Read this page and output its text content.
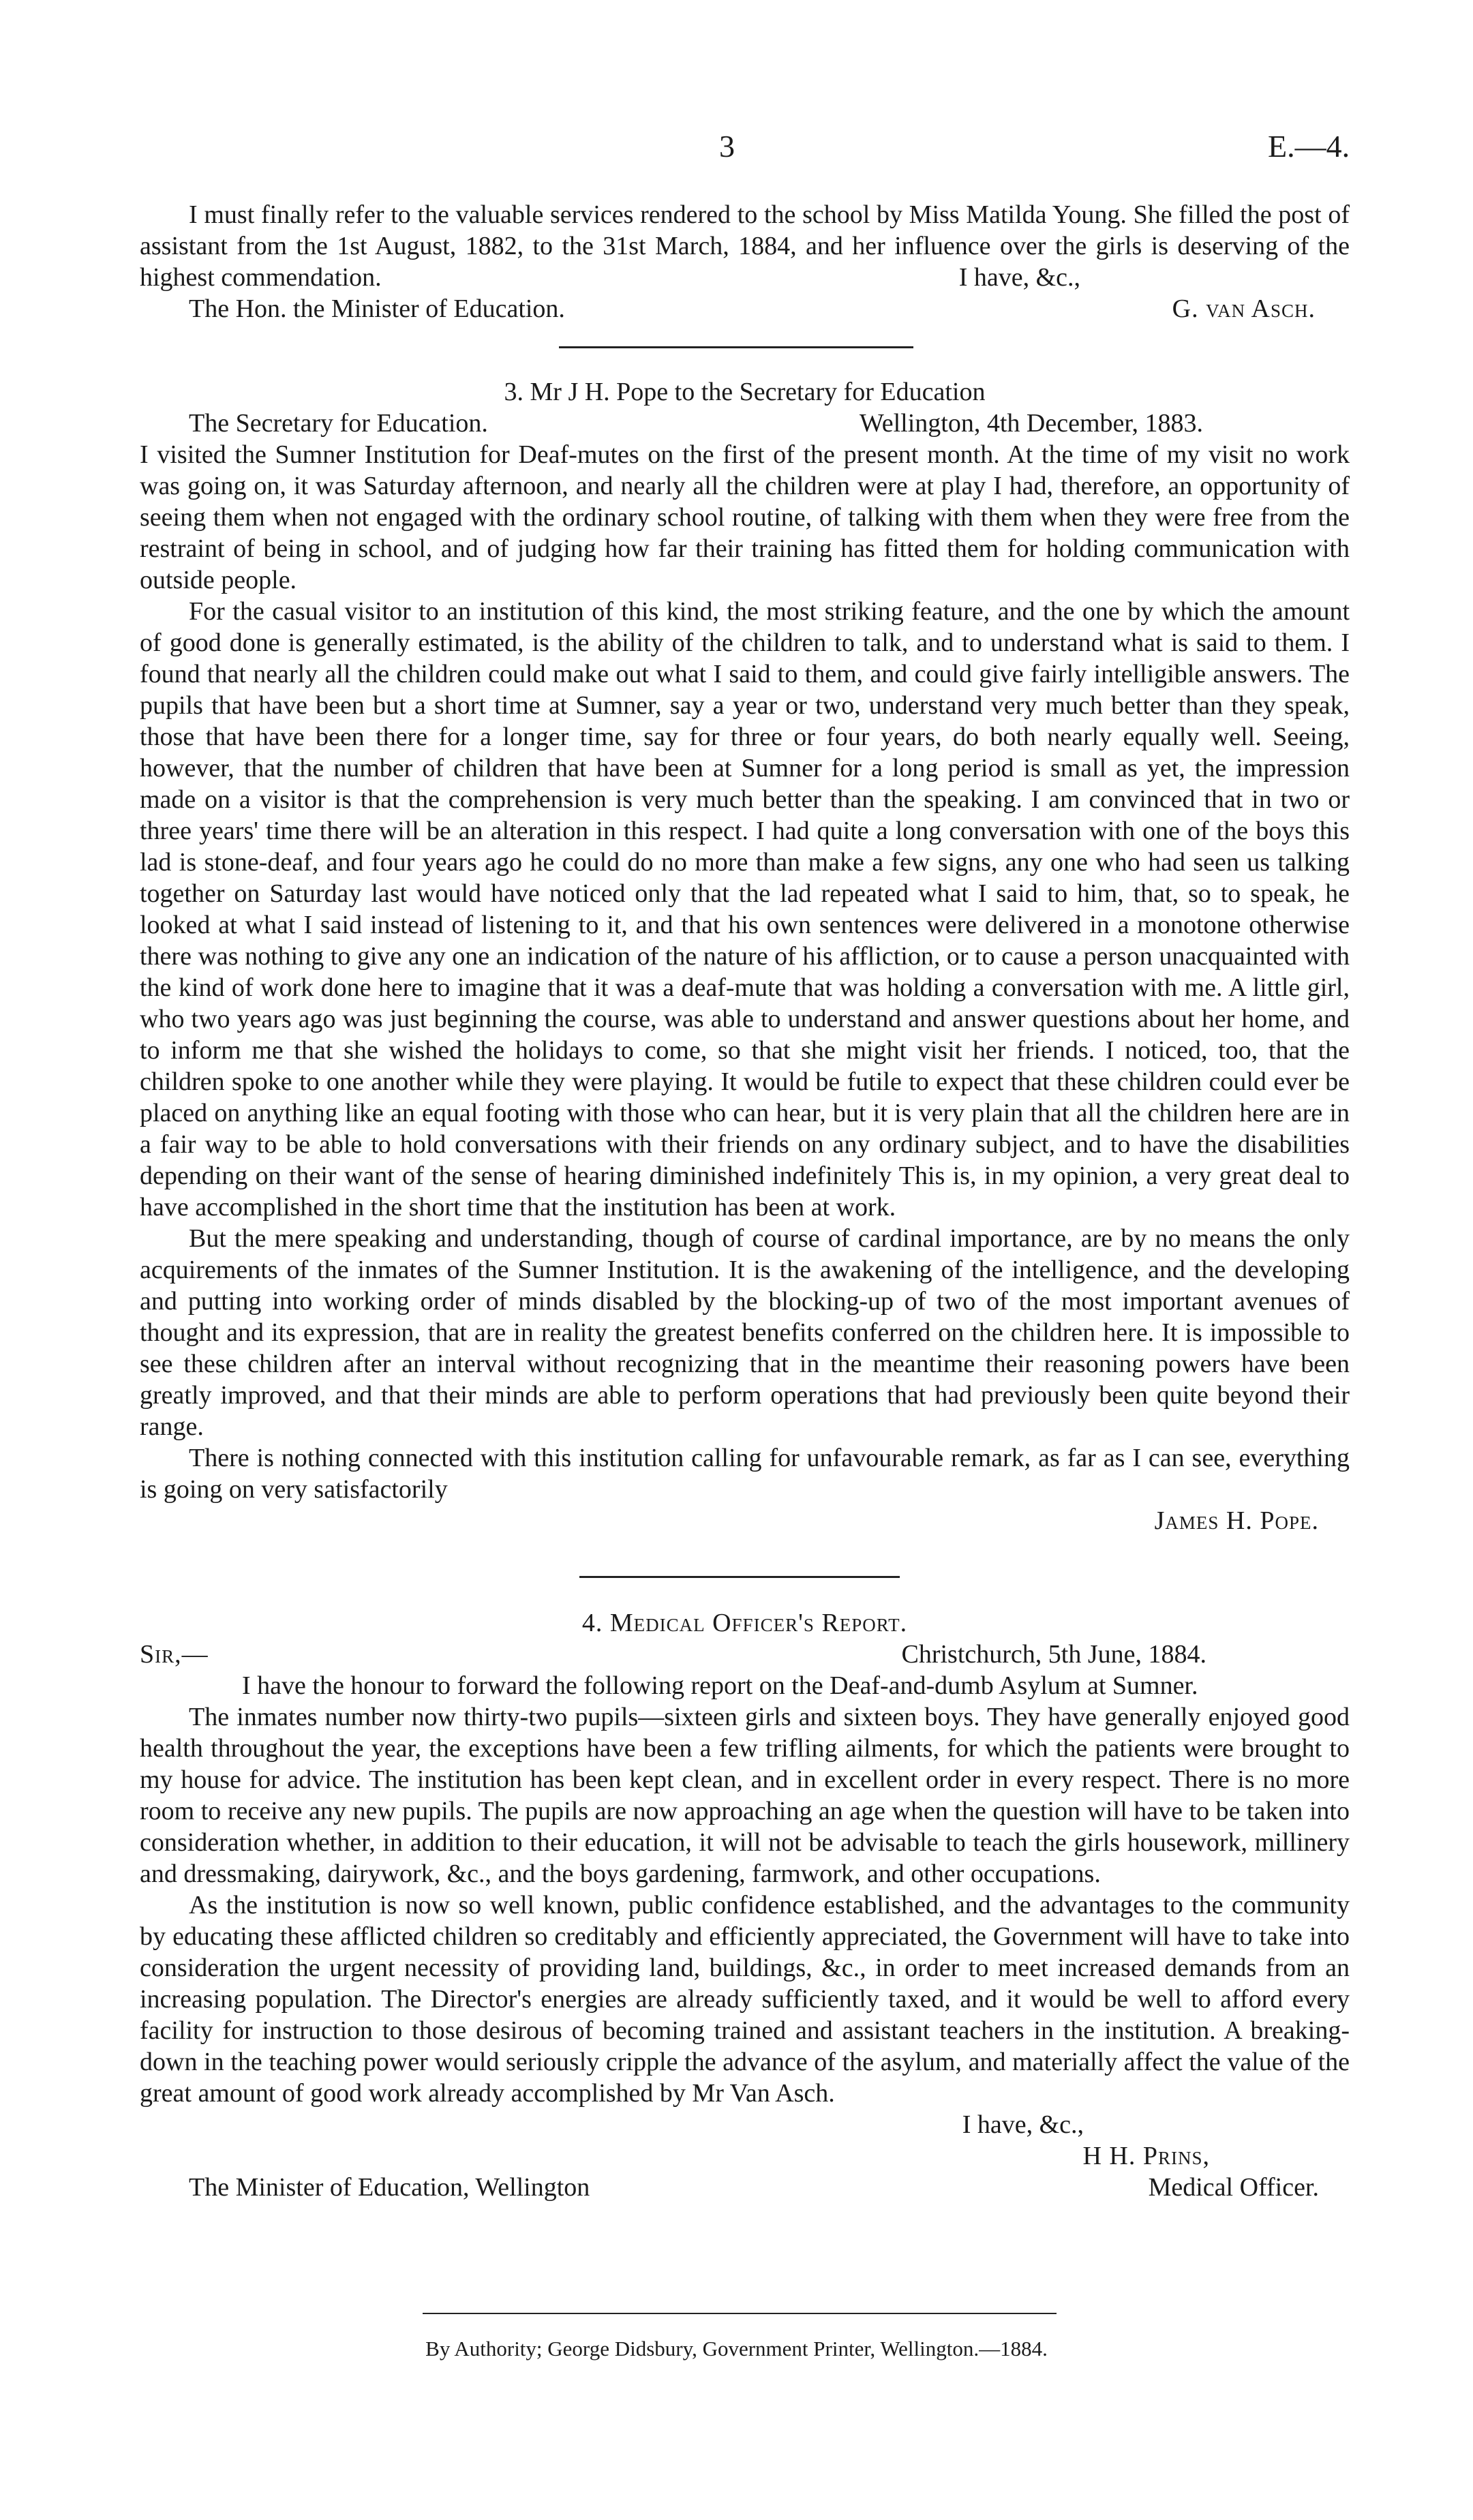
3	E.—4.

I must finally refer to the valuable services rendered to the school by Miss Matilda Young. She filled the post of assistant from the 1st August, 1882, to the 31st March, 1884, and her influence over the girls is deserving of the highest commendation.	I have, &c.,
The Hon. the Minister of Education.	G. van Asch.
3. Mr J H. Pope to the Secretary for Education
The Secretary for Education.	Wellington, 4th December, 1883.

I visited the Sumner Institution for Deaf-mutes on the first of the present month. At the time of my visit no work was going on, it was Saturday afternoon, and nearly all the children were at play I had, therefore, an opportunity of seeing them when not engaged with the ordinary school routine, of talking with them when they were free from the restraint of being in school, and of judging how far their training has fitted them for holding communication with outside people.

For the casual visitor to an institution of this kind, the most striking feature, and the one by which the amount of good done is generally estimated, is the ability of the children to talk, and to understand what is said to them. I found that nearly all the children could make out what I said to them, and could give fairly intelligible answers. The pupils that have been but a short time at Sumner, say a year or two, understand very much better than they speak, those that have been there for a longer time, say for three or four years, do both nearly equally well. Seeing, however, that the number of children that have been at Sumner for a long period is small as yet, the impression made on a visitor is that the comprehension is very much better than the speaking. I am convinced that in two or three years' time there will be an alteration in this respect. I had quite a long conversation with one of the boys this lad is stone-deaf, and four years ago he could do no more than make a few signs, any one who had seen us talking together on Saturday last would have noticed only that the lad repeated what I said to him, that, so to speak, he looked at what I said instead of listening to it, and that his own sentences were delivered in a monotone otherwise there was nothing to give any one an indication of the nature of his affliction, or to cause a person unacquainted with the kind of work done here to imagine that it was a deaf-mute that was holding a conversation with me. A little girl, who two years ago was just beginning the course, was able to understand and answer questions about her home, and to inform me that she wished the holidays to come, so that she might visit her friends. I noticed, too, that the children spoke to one another while they were playing. It would be futile to expect that these children could ever be placed on anything like an equal footing with those who can hear, but it is very plain that all the children here are in a fair way to be able to hold conversations with their friends on any ordinary subject, and to have the disabilities depending on their want of the sense of hearing diminished indefinitely This is, in my opinion, a very great deal to have accomplished in the short time that the institution has been at work.

But the mere speaking and understanding, though of course of cardinal importance, are by no means the only acquirements of the inmates of the Sumner Institution. It is the awakening of the intelligence, and the developing and putting into working order of minds disabled by the blocking-up of two of the most important avenues of thought and its expression, that are in reality the greatest benefits conferred on the children here. It is impossible to see these children after an interval without recognizing that in the meantime their reasoning powers have been greatly improved, and that their minds are able to perform operations that had previously been quite beyond their range.

There is nothing connected with this institution calling for unfavourable remark, as far as I can see, everything is going on very satisfactorily

James H. Pope.

4. Medical Officer's Report.
Sir,—	Christchurch, 5th June, 1884.

I have the honour to forward the following report on the Deaf-and-dumb Asylum at Sumner.

The inmates number now thirty-two pupils—sixteen girls and sixteen boys. They have generally enjoyed good health throughout the year, the exceptions have been a few trifling ailments, for which the patients were brought to my house for advice. The institution has been kept clean, and in excellent order in every respect. There is no more room to receive any new pupils. The pupils are now approaching an age when the question will have to be taken into consideration whether, in addition to their education, it will not be advisable to teach the girls housework, millinery and dressmaking, dairywork, &c., and the boys gardening, farmwork, and other occupations.

As the institution is now so well known, public confidence established, and the advantages to the community by educating these afflicted children so creditably and efficiently appreciated, the Government will have to take into consideration the urgent necessity of providing land, buildings, &c., in order to meet increased demands from an increasing population. The Director's energies are already sufficiently taxed, and it would be well to afford every facility for instruction to those desirous of becoming trained and assistant teachers in the institution. A breaking-down in the teaching power would seriously cripple the advance of the asylum, and materially affect the value of the great amount of good work already accomplished by Mr Van Asch.

I have, &c.,
H H. Prins,
The Minister of Education, Wellington	Medical Officer.
By Authority; George Didsbury, Government Printer, Wellington.—1884.
